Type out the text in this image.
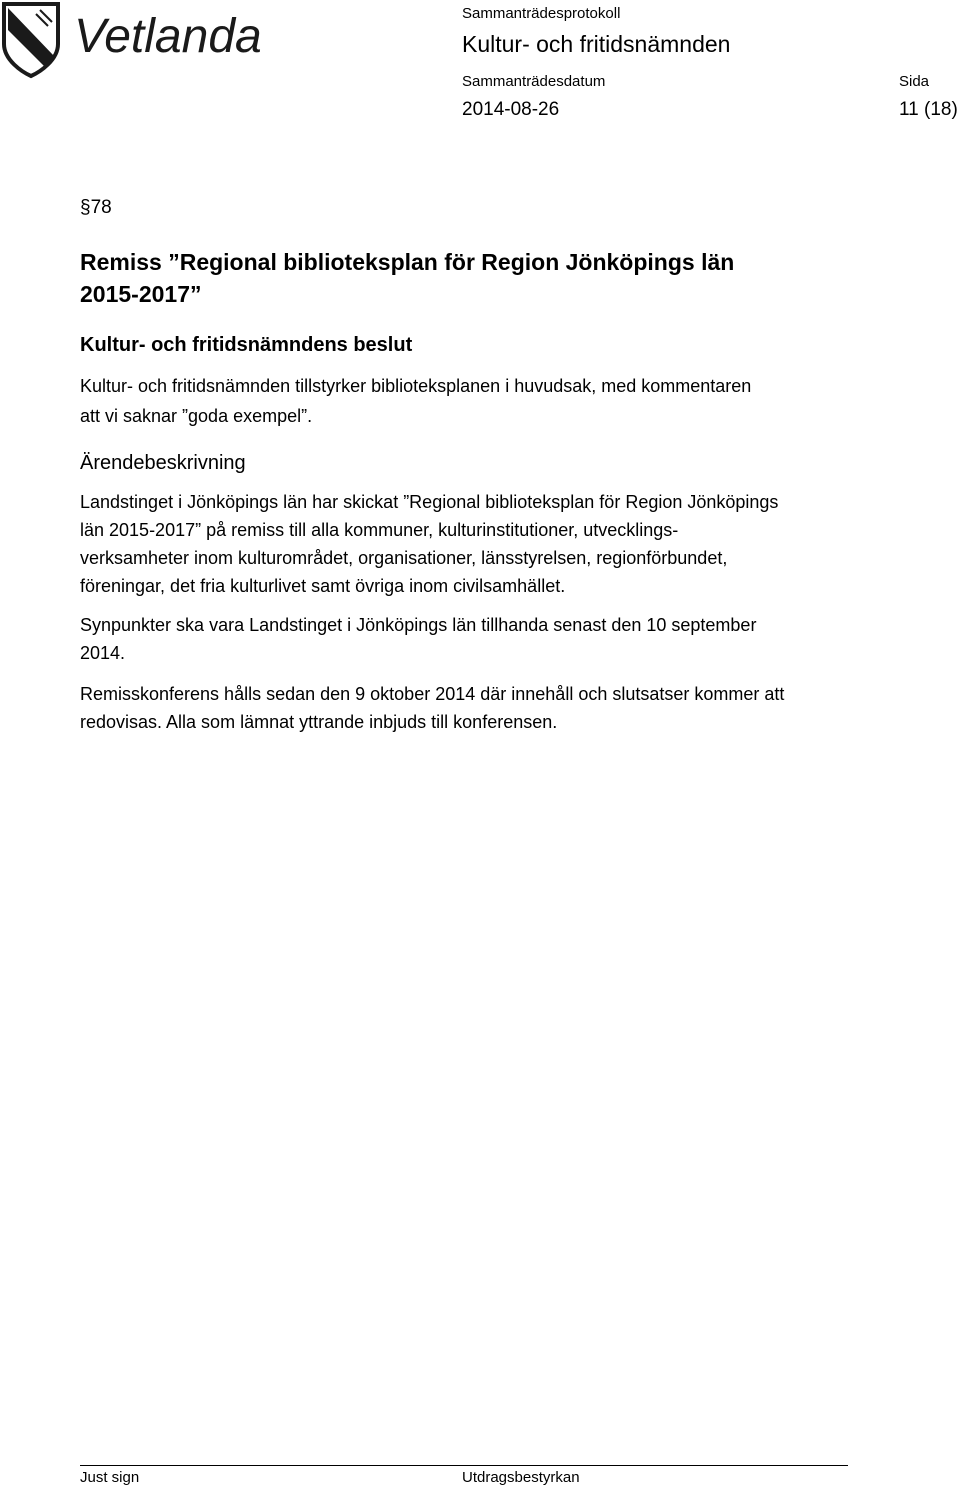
Vetlanda	Sammanträdesprotokoll
Kultur- och fritidsnämnden
Sammanträdesdatum
2014-08-26
Sida
11 (18)
§78
Remiss ”Regional biblioteksplan för Region Jönköpings län
2015-2017”
Kultur- och fritidsnämndens beslut

Kultur- och fritidsnämnden tillstyrker biblioteksplanen i huvudsak, med kommentaren
att vi saknar ”goda exempel”.

Ärendebeskrivning

Landstinget i Jönköpings län har skickat ”Regional biblioteksplan för Region Jönköpings
län 2015-2017” på remiss till alla kommuner, kulturinstitutioner, utvecklings-
verksamheter inom kulturområdet, organisationer, länsstyrelsen, regionförbundet,
föreningar, det fria kulturlivet samt övriga inom civilsamhället.

Synpunkter ska vara Landstinget i Jönköpings län tillhanda senast den 10 september
2014.

Remisskonferens hålls sedan den 9 oktober 2014 där innehåll och slutsatser kommer att
redovisas. Alla som lämnat yttrande inbjuds till konferensen.

Just sign	Utdragsbestyrkan
